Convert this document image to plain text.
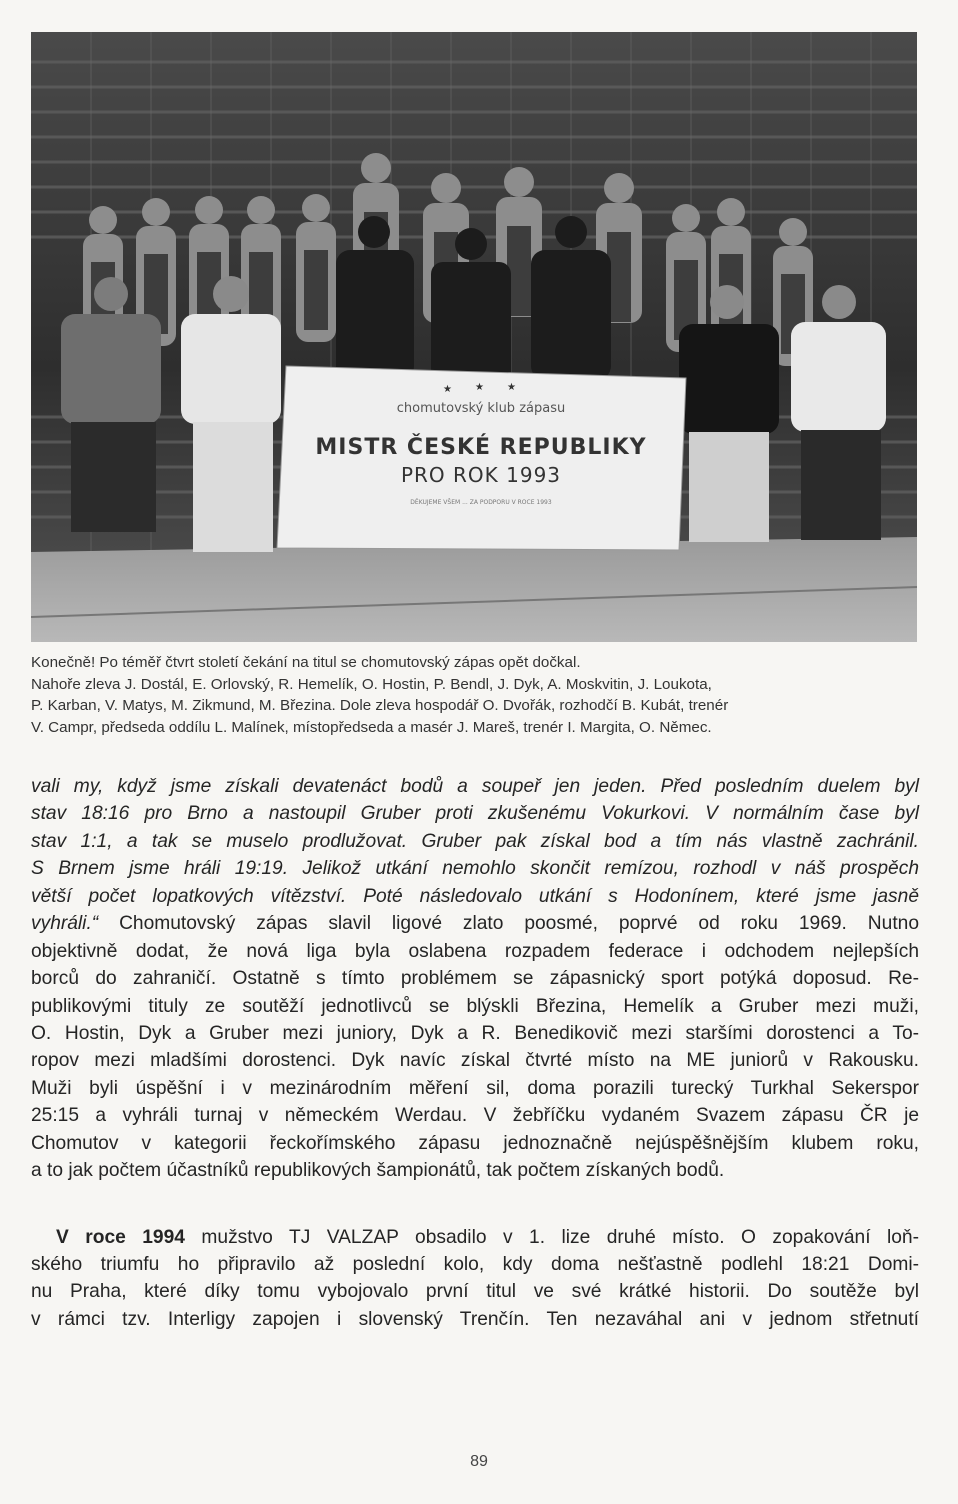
chomutovský klub zápasu
MISTR ČESKÉ REPUBLIKY
PRO ROK 1993
DĚKUJEME VŠEM ... ZA PODPORU V ROCE 1993
★ ★ ★

Konečně! Po téměř čtvrt století čekání na titul se chomutovský zápas opět dočkal.

Nahoře zleva J. Dostál, E. Orlovský, R. Hemelík, O. Hostin, P. Bendl, J. Dyk, A. Moskvitin, J. Loukota,

P. Karban, V. Matys, M. Zikmund, M. Březina. Dole zleva hospodář O. Dvořák, rozhodčí B. Kubát, trenér

V. Campr, předseda oddílu L. Malínek, místopředseda a masér J. Mareš, trenér I. Margita, O. Němec.

vali my, když jsme získali devatenáct bodů a soupeř jen jeden. Před posledním duelem byl
stav 18:16 pro Brno a nastoupil Gruber proti zkušenému Vokurkovi. V normálním čase byl
stav 1:1, a tak se muselo prodlužovat. Gruber pak získal bod a tím nás vlastně zachránil.
S Brnem jsme hráli 19:19. Jelikož utkání nemohlo skončit remízou, rozhodl v náš prospěch
větší počet lopatkových vítězství. Poté následovalo utkání s Hodonínem, které jsme jasně
vyhráli.“ Chomutovský zápas slavil ligové zlato poosmé, poprvé od roku 1969. Nutno
objektivně dodat, že nová liga byla oslabena rozpadem federace i odchodem nejlepších
borců do zahraničí. Ostatně s tímto problémem se zápasnický sport potýká doposud. Re-
publikovými tituly ze soutěží jednotlivců se blýskli Březina, Hemelík a Gruber mezi muži,
O. Hostin, Dyk a Gruber mezi juniory, Dyk a R. Benedikovič mezi staršími dorostenci a To-
ropov mezi mladšími dorostenci. Dyk navíc získal čtvrté místo na ME juniorů v Rakousku.
Muži byli úspěšní i v mezinárodním měření sil, doma porazili turecký Turkhal Sekerspor
25:15 a vyhráli turnaj v německém Werdau. V žebříčku vydaném Svazem zápasu ČR je
Chomutov v kategorii řeckořímského zápasu jednoznačně nejúspěšnějším klubem roku,
a to jak počtem účastníků republikových šampionátů, tak počtem získaných bodů.
V roce 1994 mužstvo TJ VALZAP obsadilo v 1. lize druhé místo. O zopakování loň-
ského triumfu ho připravilo až poslední kolo, kdy doma nešťastně podlehl 18:21 Domi-
nu Praha, které díky tomu vybojovalo první titul ve své krátké historii. Do soutěže byl
v rámci tzv. Interligy zapojen i slovenský Trenčín. Ten nezaváhal ani v jednom střetnutí
89
